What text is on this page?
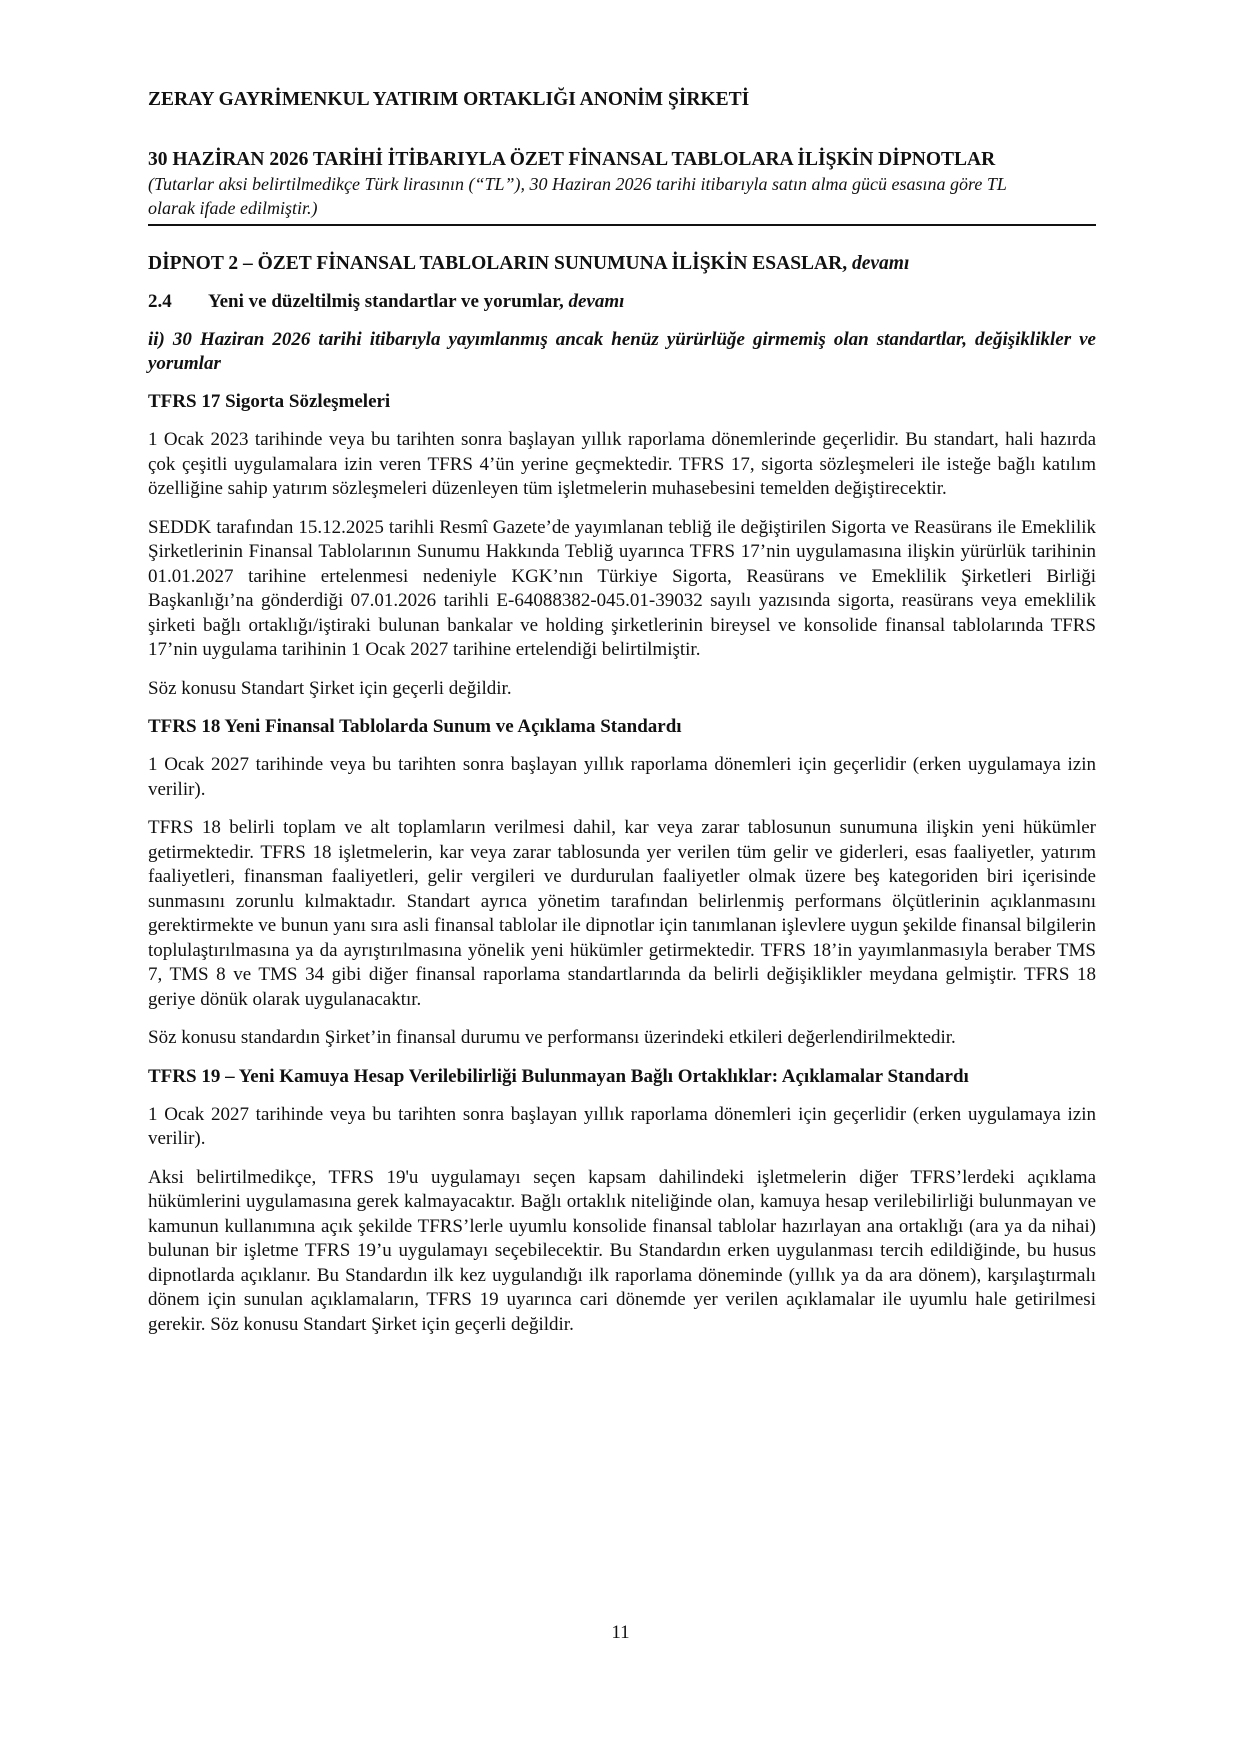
ZERAY GAYRİMENKUL YATIRIM ORTAKLIĞI ANONİM ŞİRKETİ

30 HAZİRAN 2026 TARİHİ İTİBARIYLA ÖZET FİNANSAL TABLOLARA İLİŞKİN DİPNOTLAR

(Tutarlar aksi belirtilmedikçe Türk lirasının (“TL”), 30 Haziran 2026 tarihi itibarıyla satın alma gücü esasına göre TL

olarak ifade edilmiştir.)

DİPNOT 2 – ÖZET FİNANSAL TABLOLARIN SUNUMUNA İLİŞKİN ESASLAR, devamı

2.4 Yeni ve düzeltilmiş standartlar ve yorumlar, devamı

ii) 30 Haziran 2026 tarihi itibarıyla yayımlanmış ancak henüz yürürlüğe girmemiş olan standartlar, değişiklikler ve yorumlar

TFRS 17 Sigorta Sözleşmeleri

1 Ocak 2023 tarihinde veya bu tarihten sonra başlayan yıllık raporlama dönemlerinde geçerlidir. Bu standart, hali hazırda çok çeşitli uygulamalara izin veren TFRS 4’ün yerine geçmektedir. TFRS 17, sigorta sözleşmeleri ile isteğe bağlı katılım özelliğine sahip yatırım sözleşmeleri düzenleyen tüm işletmelerin muhasebesini temelden değiştirecektir.

SEDDK tarafından 15.12.2025 tarihli Resmî Gazete’de yayımlanan tebliğ ile değiştirilen Sigorta ve Reasürans ile Emeklilik Şirketlerinin Finansal Tablolarının Sunumu Hakkında Tebliğ uyarınca TFRS 17’nin uygulamasına ilişkin yürürlük tarihinin 01.01.2027 tarihine ertelenmesi nedeniyle KGK’nın Türkiye Sigorta, Reasürans ve Emeklilik Şirketleri Birliği Başkanlığı’na gönderdiği 07.01.2026 tarihli E-64088382-045.01-39032 sayılı yazısında sigorta, reasürans veya emeklilik şirketi bağlı ortaklığı/iştiraki bulunan bankalar ve holding şirketlerinin bireysel ve konsolide finansal tablolarında TFRS 17’nin uygulama tarihinin 1 Ocak 2027 tarihine ertelendiği belirtilmiştir.

Söz konusu Standart Şirket için geçerli değildir.

TFRS 18 Yeni Finansal Tablolarda Sunum ve Açıklama Standardı

1 Ocak 2027 tarihinde veya bu tarihten sonra başlayan yıllık raporlama dönemleri için geçerlidir (erken uygulamaya izin verilir).

TFRS 18 belirli toplam ve alt toplamların verilmesi dahil, kar veya zarar tablosunun sunumuna ilişkin yeni hükümler getirmektedir. TFRS 18 işletmelerin, kar veya zarar tablosunda yer verilen tüm gelir ve giderleri, esas faaliyetler, yatırım faaliyetleri, finansman faaliyetleri, gelir vergileri ve durdurulan faaliyetler olmak üzere beş kategoriden biri içerisinde sunmasını zorunlu kılmaktadır. Standart ayrıca yönetim tarafından belirlenmiş performans ölçütlerinin açıklanmasını gerektirmekte ve bunun yanı sıra asli finansal tablolar ile dipnotlar için tanımlanan işlevlere uygun şekilde finansal bilgilerin toplulaştırılmasına ya da ayrıştırılmasına yönelik yeni hükümler getirmektedir. TFRS 18’in yayımlanmasıyla beraber TMS 7, TMS 8 ve TMS 34 gibi diğer finansal raporlama standartlarında da belirli değişiklikler meydana gelmiştir. TFRS 18 geriye dönük olarak uygulanacaktır.

Söz konusu standardın Şirket’in finansal durumu ve performansı üzerindeki etkileri değerlendirilmektedir.

TFRS 19 – Yeni Kamuya Hesap Verilebilirliği Bulunmayan Bağlı Ortaklıklar: Açıklamalar Standardı

1 Ocak 2027 tarihinde veya bu tarihten sonra başlayan yıllık raporlama dönemleri için geçerlidir (erken uygulamaya izin verilir).

Aksi belirtilmedikçe, TFRS 19'u uygulamayı seçen kapsam dahilindeki işletmelerin diğer TFRS’lerdeki açıklama hükümlerini uygulamasına gerek kalmayacaktır. Bağlı ortaklık niteliğinde olan, kamuya hesap verilebilirliği bulunmayan ve kamunun kullanımına açık şekilde TFRS’lerle uyumlu konsolide finansal tablolar hazırlayan ana ortaklığı (ara ya da nihai) bulunan bir işletme TFRS 19’u uygulamayı seçebilecektir. Bu Standardın erken uygulanması tercih edildiğinde, bu husus dipnotlarda açıklanır. Bu Standardın ilk kez uygulandığı ilk raporlama döneminde (yıllık ya da ara dönem), karşılaştırmalı dönem için sunulan açıklamaların, TFRS 19 uyarınca cari dönemde yer verilen açıklamalar ile uyumlu hale getirilmesi gerekir. Söz konusu Standart Şirket için geçerli değildir.

11
